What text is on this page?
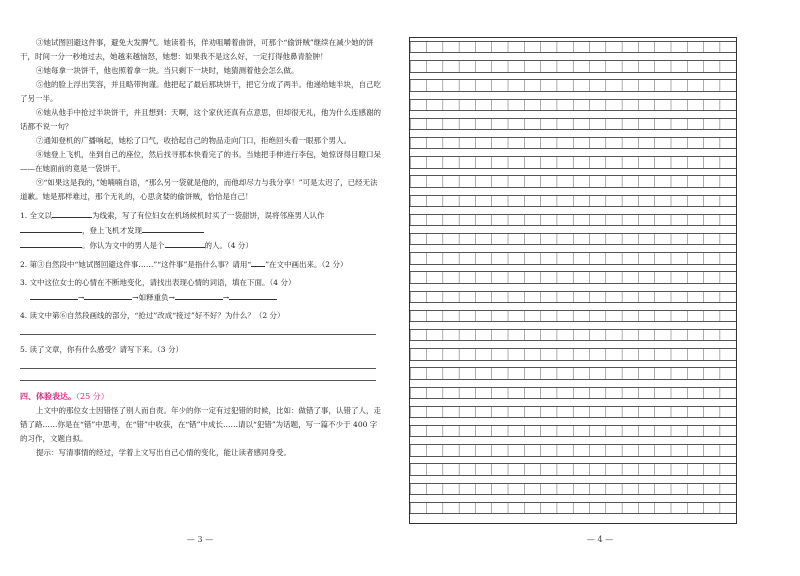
③她试图回避这件事，避免大发脾气。她读着书，佯劝咀嚼着曲饼，可那个“偷饼贼”继续在减少她的饼干，时间一分一秒地过去，她越来越恼怒，她想：如果我不是这么好，一定打得他鼻青脸肿！

④她每拿一块饼干，他也照着拿一块。当只剩下一块时，她猜测着他会怎么做。

⑤他的脸上浮出笑容，并且略带拘谨。他把起了最后那块饼干，把它分成了两半。他递给她半块，自己吃了另一半。

⑥她从他手中抢过半块饼干，并且想到：天啊，这个家伙还真有点意思，但却很无礼，他为什么连感谢的话都不说一句？

⑦通知登机的广播响起，她松了口气，收拾起自己的物品走向门口，拒绝回头看一眼那个男人。

⑧她登上飞机，坐到自己的座位，然后找寻那本快看完了的书。当她把手伸进行李包，她惊讶得目瞪口呆——在她面前的竟是一袋饼干。

⑨“如果这是我的，”她喃喃自语，“那么另一袋就是他的，而他却尽力与我分享！”可是太迟了，已经无法道歉。她是那样难过，那个无礼的，心思贪婪的偷饼贼，恰恰是自己！

1. 全文以	为线索，写了有位妇女在机场候机时买了一袋甜饼，误将邻座男人认作
，登上飞机才发现
。你认为文中的男人是个	的人。（4 分）

2. 第③自然段中“她试图回避这件事……”“这件事”是指什么事？请用“ ”在文中画出来。（2 分）

3. 文中这位女士的心情在不断地变化，请找出表现心情的词语，填在下面。（4 分）

→	→如释重负→	→

4. 读文中第⑥自然段画线的部分，“抢过”改成“接过”好不好？为什么？（2 分）

5. 读了文章，你有什么感受？请写下来。（3 分）

四、体验表达。（25 分）

上文中的那位女士因错怪了别人而自责。年少的你一定有过犯错的时候，比如：做错了事，认错了人，走错了路……你是在“错”中思考，在“错”中收获，在“错”中成长……请以“犯错”为话题，写一篇不少于 400 字的习作，文题自拟。

提示：写清事情的经过，学着上文写出自己心情的变化，能让读者感同身受。

— 3 —	— 4 —
